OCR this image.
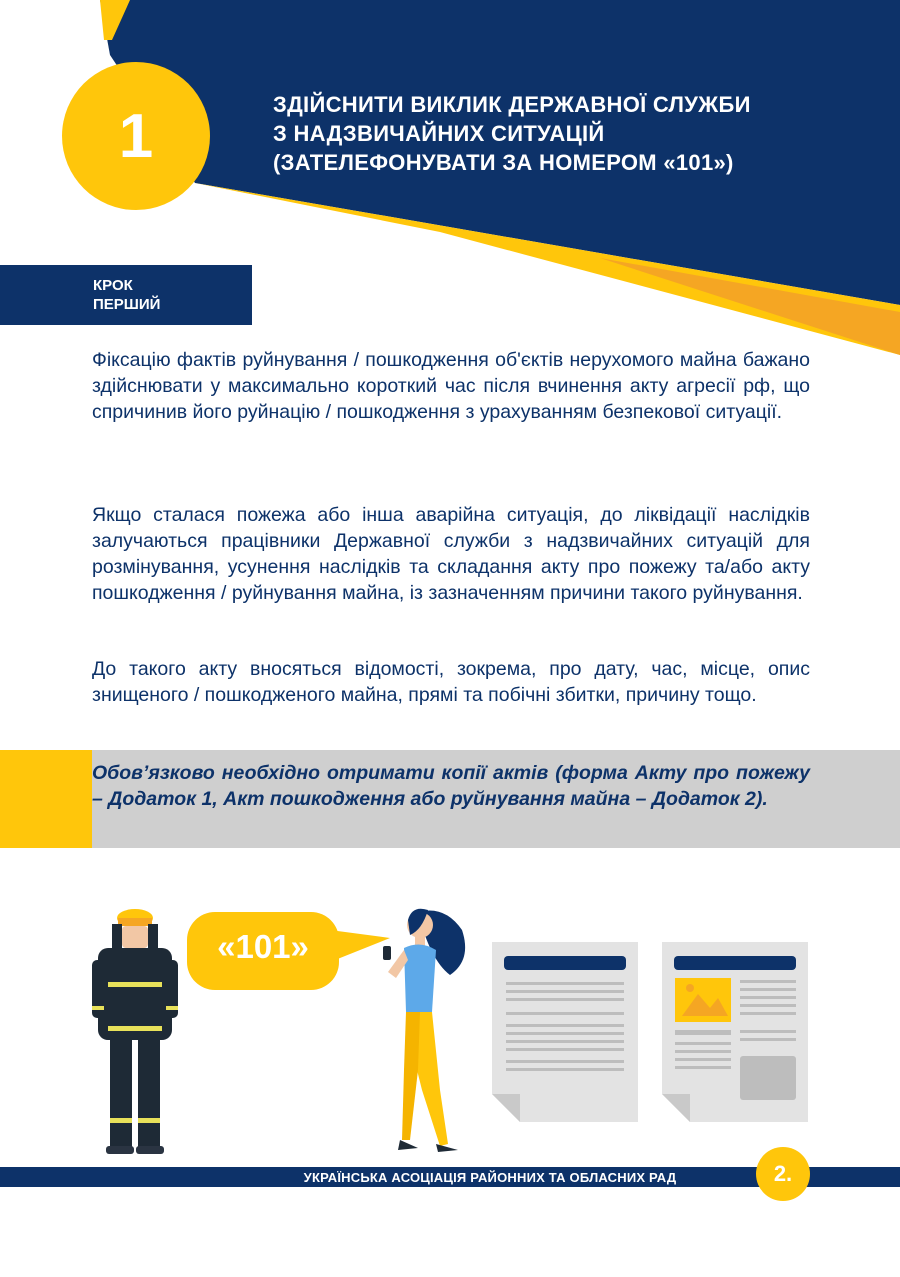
1	ЗДІЙСНИТИ ВИКЛИК ДЕРЖАВНОЇ СЛУЖБИ
З НАДЗВИЧАЙНИХ СИТУАЦІЙ
(ЗАТЕЛЕФОНУВАТИ ЗА НОМЕРОМ «101»)
КРОК
ПЕРШИЙ

Фіксацію фактів руйнування / пошкодження об'єктів нерухомого майна бажано здійснювати у максимально короткий час після вчинення акту агресії рф, що спричинив його руйнацію / пошкодження з урахуванням безпекової ситуації.

Якщо сталася пожежа або інша аварійна ситуація, до ліквідації наслідків залучаються працівники Державної служби з надзвичайних ситуацій для розмінування, усунення наслідків та складання акту про пожежу та/або акту пошкодження / руйнування майна, із зазначенням причини такого руйнування.

До такого акту вносяться відомості, зокрема, про дату, час, місце, опис знищеного / пошкодженого майна, прямі та побічні збитки, причину тощо.

Обов’язково необхідно отримати копії актів (форма Акту про пожежу – Додаток 1, Акт пошкодження або руйнування майна – Додаток 2).

«101»
УКРАЇНСЬКА АСОЦІАЦІЯ РАЙОННИХ ТА ОБЛАСНИХ РАД	2.
